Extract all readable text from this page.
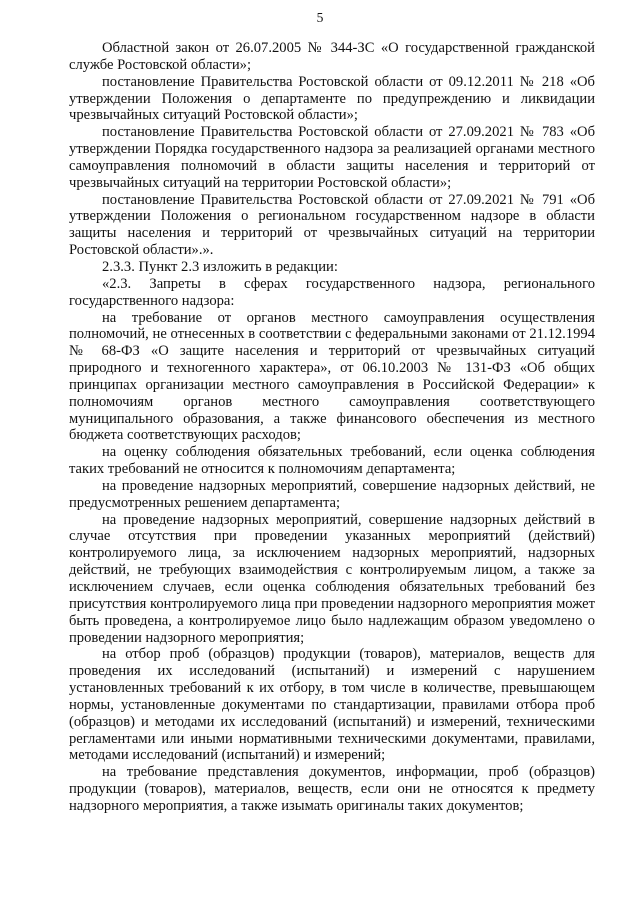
5

Областной закон от 26.07.2005 № 344-ЗС «О государственной гражданской службе Ростовской области»;

постановление Правительства Ростовской области от 09.12.2011 № 218 «Об утверждении Положения о департаменте по предупреждению и ликвидации чрезвычайных ситуаций Ростовской области»;

постановление Правительства Ростовской области от 27.09.2021 № 783 «Об утверждении Порядка государственного надзора за реализацией органами местного самоуправления полномочий в области защиты населения и территорий от чрезвычайных ситуаций на территории Ростовской области»;

постановление Правительства Ростовской области от 27.09.2021 № 791 «Об утверждении Положения о региональном государственном надзоре в области защиты населения и территорий от чрезвычайных ситуаций на территории Ростовской области».».

2.3.3. Пункт 2.3 изложить в редакции:

«2.3. Запреты в сферах государственного надзора, регионального государственного надзора:

на требование от органов местного самоуправления осуществления полномочий, не отнесенных в соответствии с федеральными законами от 21.12.1994 № 68-ФЗ «О защите населения и территорий от чрезвычайных ситуаций природного и техногенного характера», от 06.10.2003 № 131-ФЗ «Об общих принципах организации местного самоуправления в Российской Федерации» к полномочиям органов местного самоуправления соответствующего муниципального образования, а также финансового обеспечения из местного бюджета соответствующих расходов;

на оценку соблюдения обязательных требований, если оценка соблюдения таких требований не относится к полномочиям департамента;

на проведение надзорных мероприятий, совершение надзорных действий, не предусмотренных решением департамента;

на проведение надзорных мероприятий, совершение надзорных действий в случае отсутствия при проведении указанных мероприятий (действий) контролируемого лица, за исключением надзорных мероприятий, надзорных действий, не требующих взаимодействия с контролируемым лицом, а также за исключением случаев, если оценка соблюдения обязательных требований без присутствия контролируемого лица при проведении надзорного мероприятия может быть проведена, а контролируемое лицо было надлежащим образом уведомлено о проведении надзорного мероприятия;

на отбор проб (образцов) продукции (товаров), материалов, веществ для проведения их исследований (испытаний) и измерений с нарушением установленных требований к их отбору, в том числе в количестве, превышающем нормы, установленные документами по стандартизации, правилами отбора проб (образцов) и методами их исследований (испытаний) и измерений, техническими регламентами или иными нормативными техническими документами, правилами, методами исследований (испытаний) и измерений;

на требование представления документов, информации, проб (образцов) продукции (товаров), материалов, веществ, если они не относятся к предмету надзорного мероприятия, а также изымать оригиналы таких документов;
